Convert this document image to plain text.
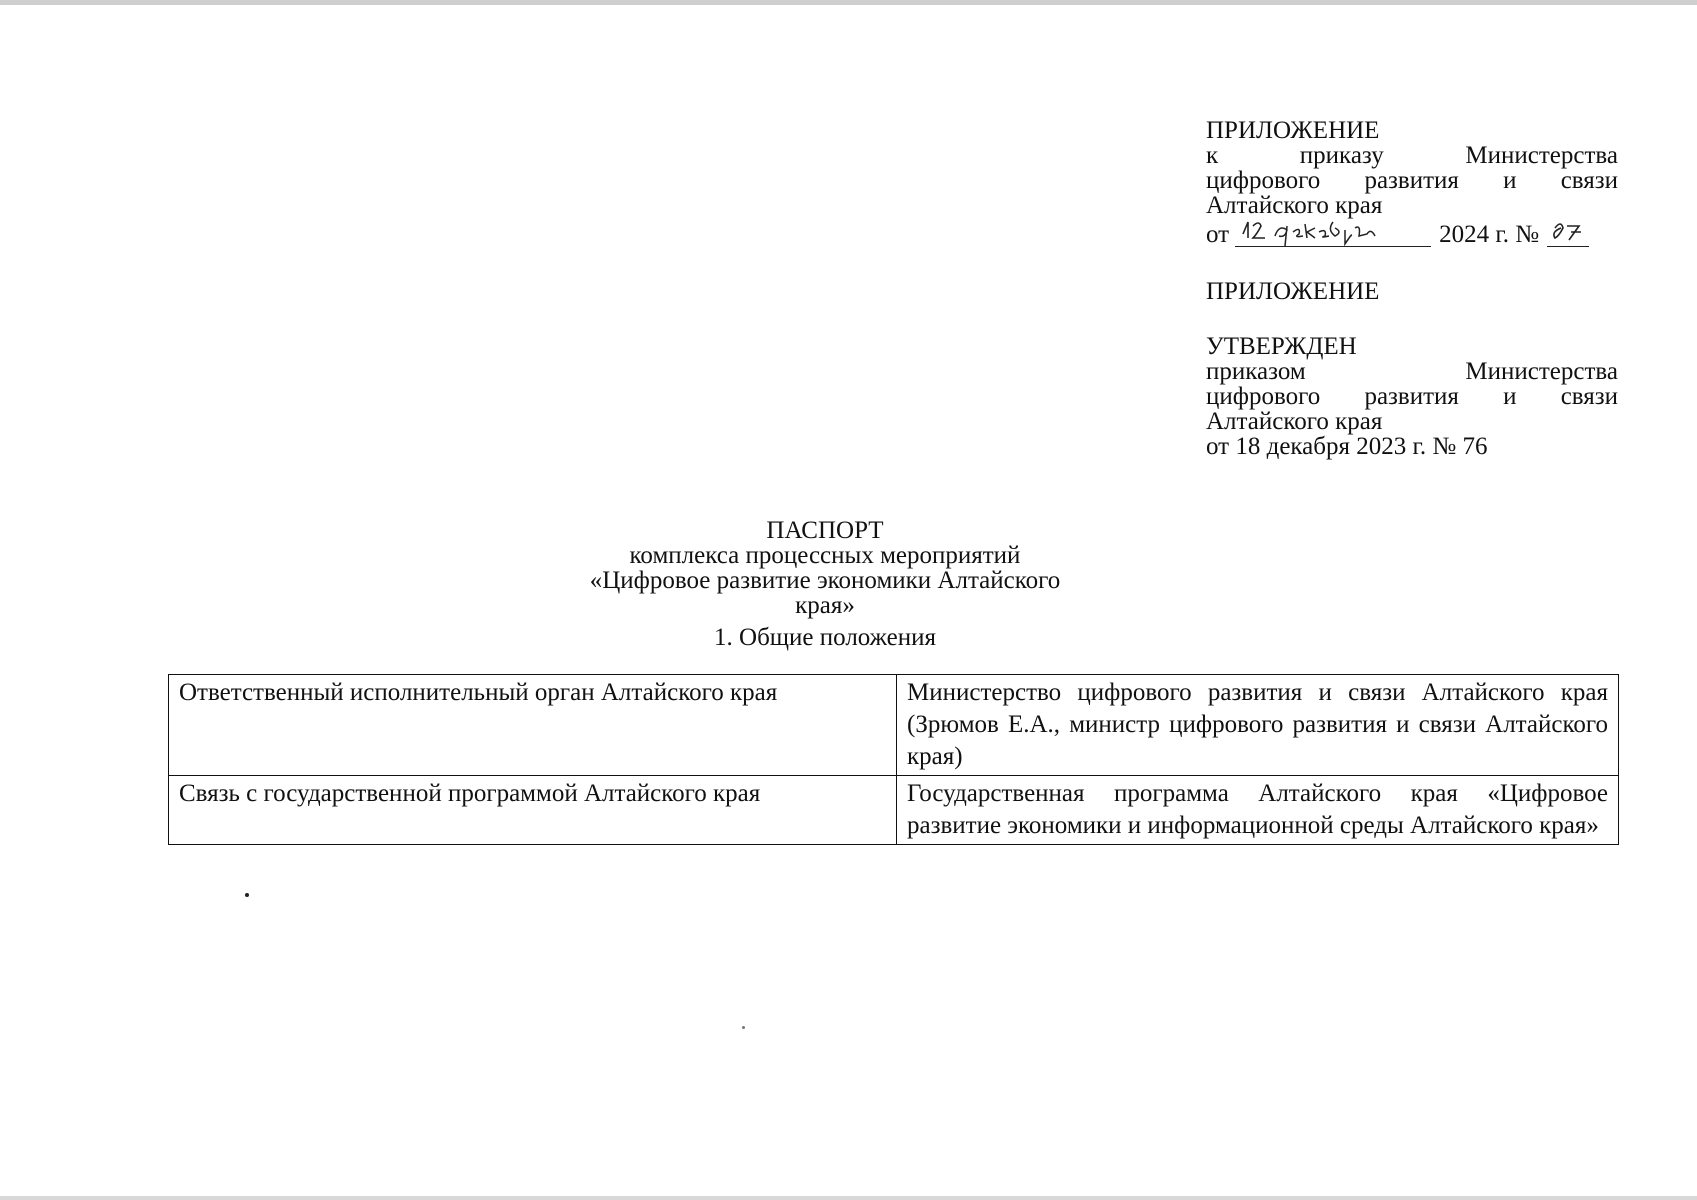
ПРИЛОЖЕНИЕ
к	приказу	Министерства
цифрового развития и связи
Алтайского края
от	2024 г. №
ПРИЛОЖЕНИЕ
УТВЕРЖДЕН
приказом	Министерства
цифрового развития и связи
Алтайского края
от 18 декабря 2023 г. № 76
ПАСПОРТ
комплекса процессных мероприятий
«Цифровое развитие экономики Алтайского края»
1. Общие положения
Ответственный исполнительный орган Алтайского края	Министерство цифрового развития и связи Алтайского края (Зрюмов Е.А., министр цифрового развития и связи Алтайского края)
Связь с государственной программой Алтайского края	Государственная программа Алтайского края «Цифровое развитие экономики и информационной среды Алтайского края»
